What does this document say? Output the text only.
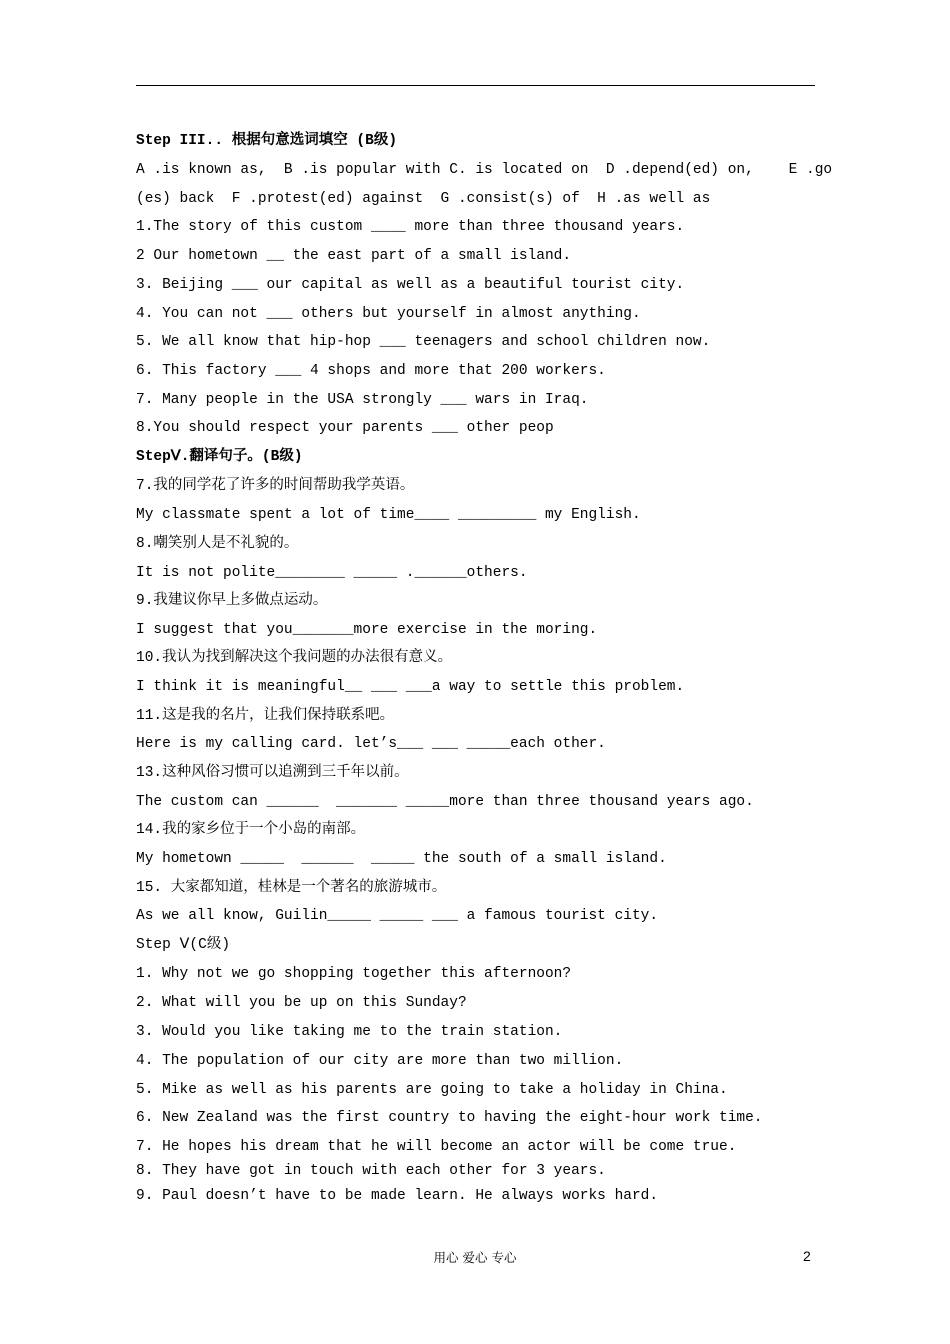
Step III.. 根据句意选词填空 (B级)

A .is known as,  B .is popular with C. is located on  D .depend(ed) on,    E .go

(es) back  F .protest(ed) against  G .consist(s) of  H .as well as

1.The story of this custom ____ more than three thousand years.

2 Our hometown __ the east part of a small island.

3. Beijing ___ our capital as well as a beautiful tourist city.

4. You can not ___ others but yourself in almost anything.

5. We all know that hip-hop ___ teenagers and school children now.

6. This factory ___ 4 shops and more that 200 workers.

7. Many people in the USA strongly ___ wars in Iraq.

8.You should respect your parents ___ other peop

StepⅤ.翻译句子。(B级)

7.我的同学花了许多的时间帮助我学英语。

My classmate spent a lot of time____ _________ my English.

8.嘲笑别人是不礼貌的。

It is not polite________ _____ .______others.

9.我建议你早上多做点运动。

I suggest that you_______more exercise in the moring.

10.我认为找到解决这个我问题的办法很有意义。

I think it is meaningful__ ___ ___a way to settle this problem.

11.这是我的名片，让我们保持联系吧。

Here is my calling card. let’s___ ___ _____each other.

13.这种风俗习惯可以追溯到三千年以前。

The custom can ______  _______ _____more than three thousand years ago.

14.我的家乡位于一个小岛的南部。

My hometown _____  ______  _____ the south of a small island.

15. 大家都知道，桂林是一个著名的旅游城市。

As we all know, Guilin_____ _____ ___ a famous tourist city.

Step Ⅴ(C级)

1. Why not we go shopping together this afternoon?

2. What will you be up on this Sunday?

3. Would you like taking me to the train station.

4. The population of our city are more than two million.

5. Mike as well as his parents are going to take a holiday in China.

6. New Zealand was the first country to having the eight-hour work time.

7. He hopes his dream that he will become an actor will be come true.

8. They have got in touch with each other for 3 years.

9. Paul doesn’t have to be made learn. He always works hard.

用心 爱心 专心	2
